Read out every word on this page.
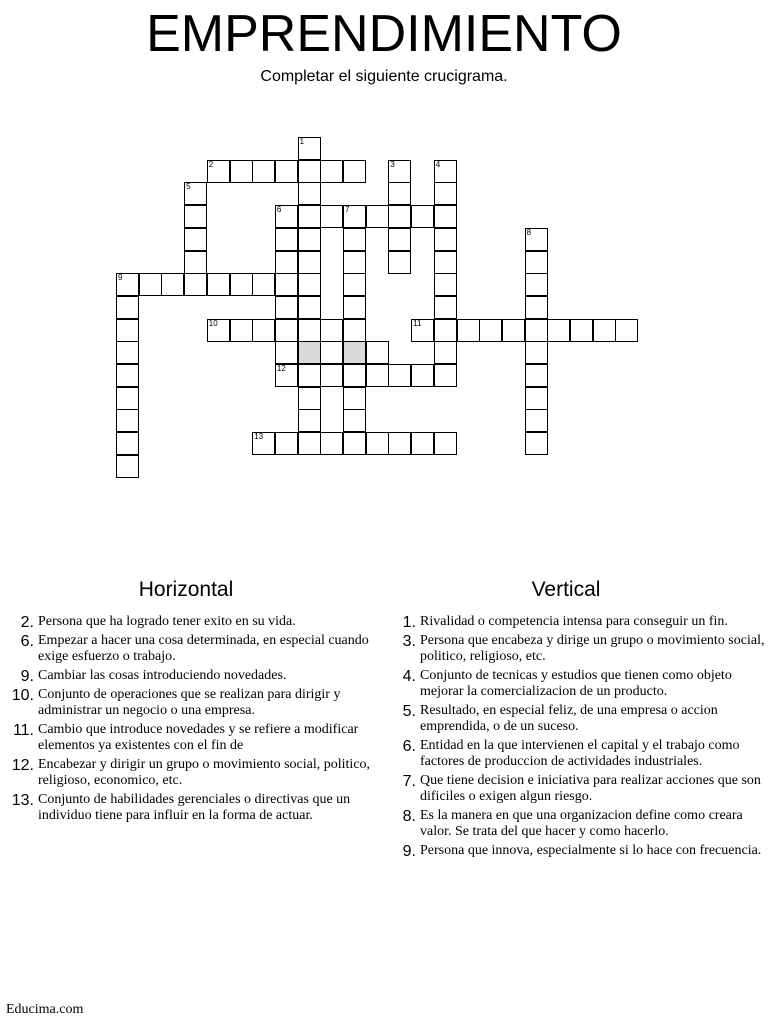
EMPRENDIMIENTO
Completar el siguiente crucigrama.
1
2	3	4
5
6	7
8
9
10	11
12
13
Horizontal	Vertical
2. Persona que ha logrado tener exito en su vida.
6. Empezar a hacer una cosa determinada, en especial cuando exige esfuerzo o trabajo.
9. Cambiar las cosas introduciendo novedades.
10. Conjunto de operaciones que se realizan para dirigir y administrar un negocio o una empresa.
11. Cambio que introduce novedades y se refiere a modificar elementos ya existentes con el fin de
12. Encabezar y dirigir un grupo o movimiento social, politico, religioso, economico, etc.
13. Conjunto de habilidades gerenciales o directivas que un individuo tiene para influir en la forma de actuar.
1. Rivalidad o competencia intensa para conseguir un fin.
3. Persona que encabeza y dirige un grupo o movimiento social, politico, religioso, etc.
4. Conjunto de tecnicas y estudios que tienen como objeto mejorar la comercializacion de un producto.
5. Resultado, en especial feliz, de una empresa o accion emprendida, o de un suceso.
6. Entidad en la que intervienen el capital y el trabajo como factores de produccion de actividades industriales.
7. Que tiene decision e iniciativa para realizar acciones que son dificiles o exigen algun riesgo.
8. Es la manera en que una organizacion define como creara valor. Se trata del que hacer y como hacerlo.
9. Persona que innova, especialmente si lo hace con frecuencia.
Educima.com
